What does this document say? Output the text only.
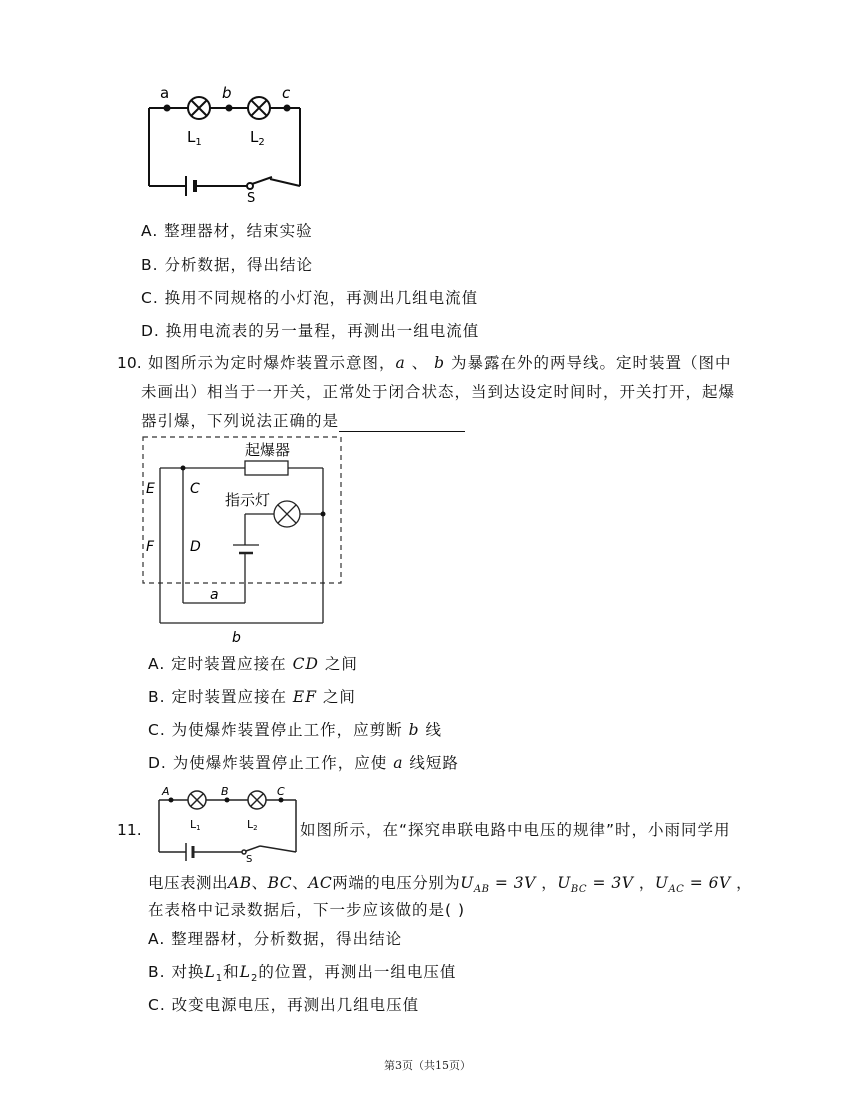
a	b	c
$L_1$	$L_2$
S
A. 整理器材，结束实验
B. 分析数据，得出结论
C. 换用不同规格的小灯泡，再测出几组电流值
D. 换用电流表的另一量程，再测出一组电流值
10. 如图所示为定时爆炸装置示意图，a 、 b 为暴露在外的两导线。定时装置（图中
未画出）相当于一开关，正常处于闭合状态，当到达设定时间时，开关打开，起爆
器引爆，下列说法正确的是
起爆器
指示灯
E
F
C
D
a
b
A. 定时装置应接在 CD 之间
B. 定时装置应接在 EF 之间
C. 为使爆炸装置停止工作，应剪断 b 线
D. 为使爆炸装置停止工作，应使 a 线短路
11.
A	B	C
L1	L2
S
如图所示，在“探究串联电路中电压的规律”时，小雨同学用
电压表测出AB、BC、AC两端的电压分别为$U_{AB} = 3V$ ，$U_{BC} = 3V$ ，$U_{AC} = 6V$ ，
在表格中记录数据后，下一步应该做的是( )
A. 整理器材，分析数据，得出结论
B. 对换$L_1$和$L_2$的位置，再测出一组电压值
C. 改变电源电压，再测出几组电压值
第3页（共15页）
